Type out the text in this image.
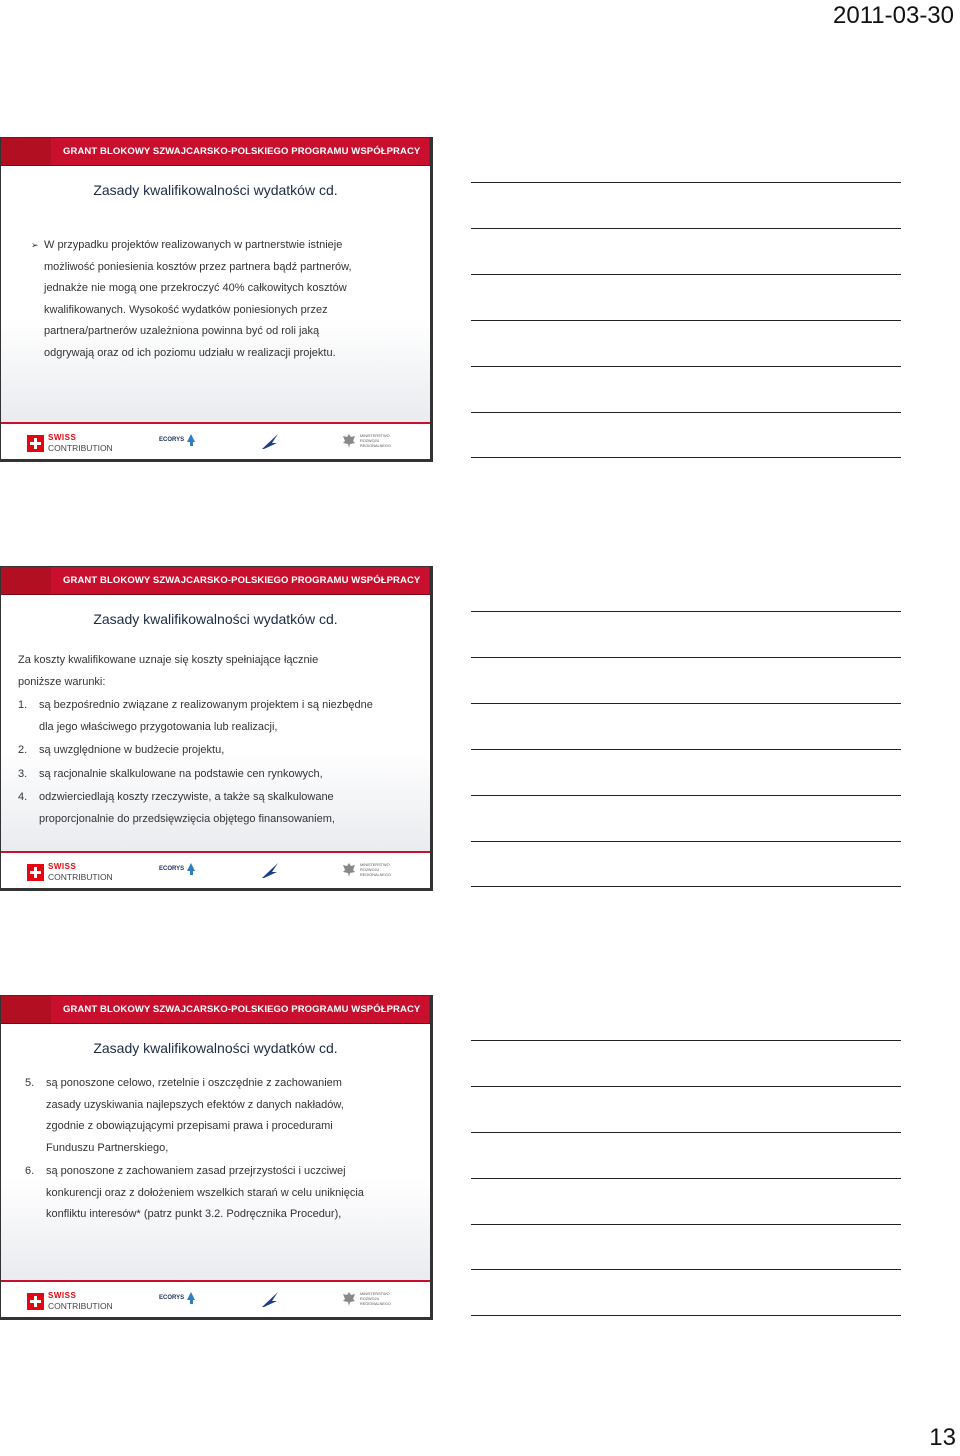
2011-03-30
GRANT BLOKOWY SZWAJCARSKO-POLSKIEGO PROGRAMU WSPÓŁPRACY
Zasady kwalifikowalności wydatków cd.
➢ W przypadku projektów realizowanych w partnerstwie istnieje
możliwość poniesienia kosztów przez partnera bądź partnerów,
jednakże nie mogą one przekroczyć 40% całkowitych kosztów
kwalifikowanych. Wysokość wydatków poniesionych przez
partnera/partnerów uzależniona powinna być od roli jaką
odgrywają oraz od ich poziomu udziału w realizacji projektu.
SWISS
CONTRIBUTION
ECORYS
MINISTERSTWO ROZWOJU REGIONALNEGO
GRANT BLOKOWY SZWAJCARSKO-POLSKIEGO PROGRAMU WSPÓŁPRACY
Zasady kwalifikowalności wydatków cd.
Za koszty kwalifikowane uznaje się koszty spełniające łącznie
poniższe warunki:
1. są bezpośrednio związane z realizowanym projektem i są niezbędne
dla jego właściwego przygotowania lub realizacji,
2. są uwzględnione w budżecie projektu,
3. są racjonalnie skalkulowane na podstawie cen rynkowych,
4. odzwierciedlają koszty rzeczywiste, a także są skalkulowane
proporcjonalnie do przedsięwzięcia objętego finansowaniem,
SWISS
CONTRIBUTION
ECORYS
MINISTERSTWO ROZWOJU REGIONALNEGO
GRANT BLOKOWY SZWAJCARSKO-POLSKIEGO PROGRAMU WSPÓŁPRACY
Zasady kwalifikowalności wydatków cd.
5. są ponoszone celowo, rzetelnie i oszczędnie z zachowaniem
zasady uzyskiwania najlepszych efektów z danych nakładów,
zgodnie z obowiązującymi przepisami prawa i procedurami
Funduszu Partnerskiego,
6. są ponoszone z zachowaniem zasad przejrzystości i uczciwej
konkurencji oraz z dołożeniem wszelkich starań w celu uniknięcia
konfliktu interesów* (patrz punkt 3.2. Podręcznika Procedur),
SWISS
CONTRIBUTION
ECORYS
MINISTERSTWO ROZWOJU REGIONALNEGO
13
